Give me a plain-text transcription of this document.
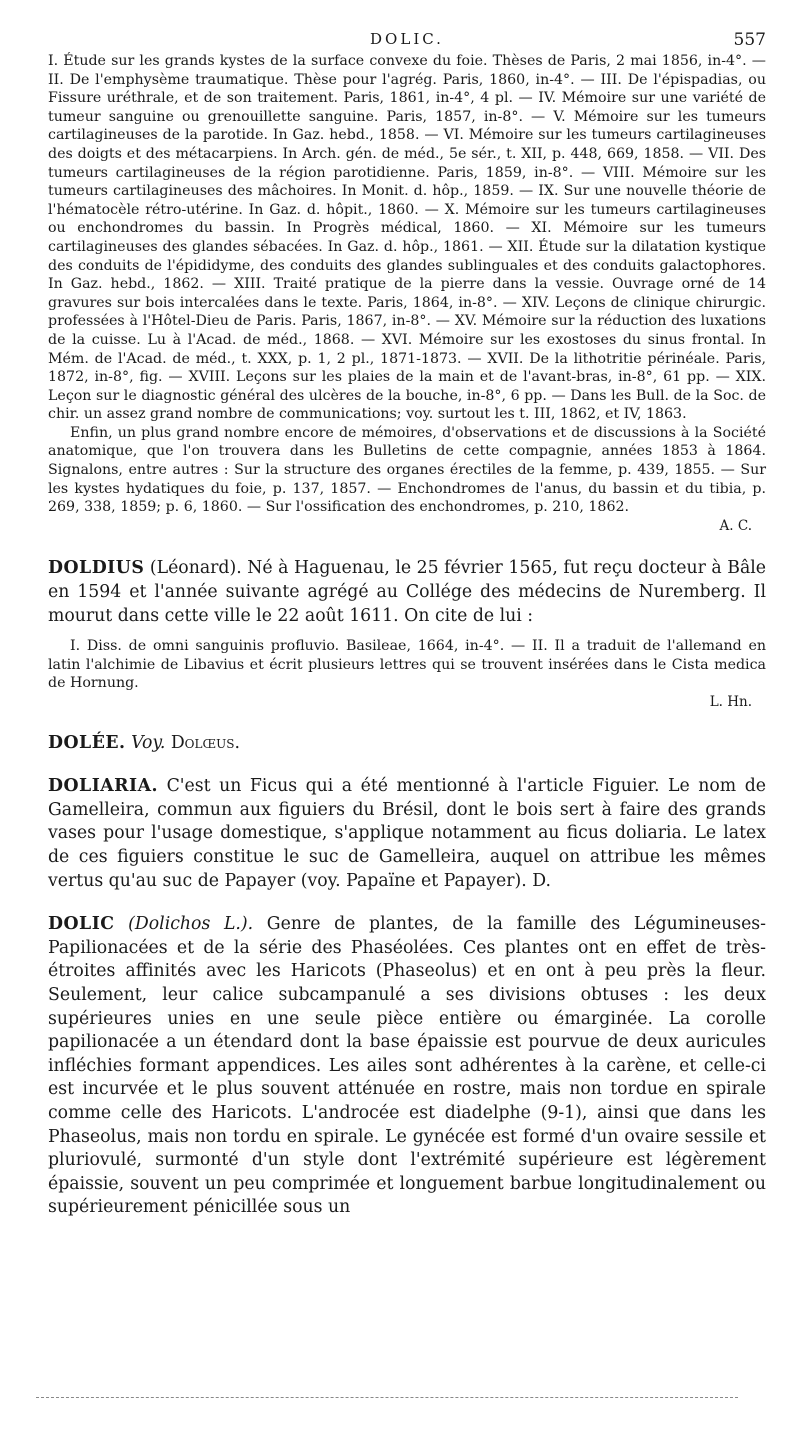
DOLIC.	557

I. Étude sur les grands kystes de la surface convexe du foie. Thèses de Paris, 2 mai 1856, in-4°. — II. De l'emphysème traumatique. Thèse pour l'agrég. Paris, 1860, in-4°. — III. De l'épispadias, ou Fissure uréthrale, et de son traitement. Paris, 1861, in-4°, 4 pl. — IV. Mémoire sur une variété de tumeur sanguine ou grenouillette sanguine. Paris, 1857, in-8°. — V. Mémoire sur les tumeurs cartilagineuses de la parotide. In Gaz. hebd., 1858. — VI. Mémoire sur les tumeurs cartilagineuses des doigts et des métacarpiens. In Arch. gén. de méd., 5e sér., t. XII, p. 448, 669, 1858. — VII. Des tumeurs cartilagineuses de la région parotidienne. Paris, 1859, in-8°. — VIII. Mémoire sur les tumeurs cartilagineuses des mâchoires. In Monit. d. hôp., 1859. — IX. Sur une nouvelle théorie de l'hématocèle rétro-utérine. In Gaz. d. hôpit., 1860. — X. Mémoire sur les tumeurs cartilagineuses ou enchondromes du bassin. In Progrès médical, 1860. — XI. Mémoire sur les tumeurs cartilagineuses des glandes sébacées. In Gaz. d. hôp., 1861. — XII. Étude sur la dilatation kystique des conduits de l'épididyme, des conduits des glandes sublinguales et des conduits galactophores. In Gaz. hebd., 1862. — XIII. Traité pratique de la pierre dans la vessie. Ouvrage orné de 14 gravures sur bois intercalées dans le texte. Paris, 1864, in-8°. — XIV. Leçons de clinique chirurgic. professées à l'Hôtel-Dieu de Paris. Paris, 1867, in-8°. — XV. Mémoire sur la réduction des luxations de la cuisse. Lu à l'Acad. de méd., 1868. — XVI. Mémoire sur les exostoses du sinus frontal. In Mém. de l'Acad. de méd., t. XXX, p. 1, 2 pl., 1871-1873. — XVII. De la lithotritie périnéale. Paris, 1872, in-8°, fig. — XVIII. Leçons sur les plaies de la main et de l'avant-bras, in-8°, 61 pp. — XIX. Leçon sur le diagnostic général des ulcères de la bouche, in-8°, 6 pp. — Dans les Bull. de la Soc. de chir. un assez grand nombre de communications; voy. surtout les t. III, 1862, et IV, 1863.

Enfin, un plus grand nombre encore de mémoires, d'observations et de discussions à la Société anatomique, que l'on trouvera dans les Bulletins de cette compagnie, années 1853 à 1864. Signalons, entre autres : Sur la structure des organes érectiles de la femme, p. 439, 1855. — Sur les kystes hydatiques du foie, p. 137, 1857. — Enchondromes de l'anus, du bassin et du tibia, p. 269, 338, 1859; p. 6, 1860. — Sur l'ossification des enchondromes, p. 210, 1862.

A. C.

DOLDIUS (Léonard). Né à Haguenau, le 25 février 1565, fut reçu docteur à Bâle en 1594 et l'année suivante agrégé au Collége des médecins de Nuremberg. Il mourut dans cette ville le 22 août 1611. On cite de lui :

I. Diss. de omni sanguinis profluvio. Basileae, 1664, in-4°. — II. Il a traduit de l'allemand en latin l'alchimie de Libavius et écrit plusieurs lettres qui se trouvent insérées dans le Cista medica de Hornung.

L. Hn.

DOLÉE. Voy. Dolœus.

DOLIARIA. C'est un Ficus qui a été mentionné à l'article Figuier. Le nom de Gamelleira, commun aux figuiers du Brésil, dont le bois sert à faire des grands vases pour l'usage domestique, s'applique notamment au ficus doliaria. Le latex de ces figuiers constitue le suc de Gamelleira, auquel on attribue les mêmes vertus qu'au suc de Papayer (voy. Papaïne et Papayer). D.

DOLIC (Dolichos L.). Genre de plantes, de la famille des Légumineuses-Papilionacées et de la série des Phaséolées. Ces plantes ont en effet de très-étroites affinités avec les Haricots (Phaseolus) et en ont à peu près la fleur. Seulement, leur calice subcampanulé a ses divisions obtuses : les deux supérieures unies en une seule pièce entière ou émarginée. La corolle papilionacée a un étendard dont la base épaissie est pourvue de deux auricules infléchies formant appendices. Les ailes sont adhérentes à la carène, et celle-ci est incurvée et le plus souvent atténuée en rostre, mais non tordue en spirale comme celle des Haricots. L'androcée est diadelphe (9-1), ainsi que dans les Phaseolus, mais non tordu en spirale. Le gynécée est formé d'un ovaire sessile et pluriovulé, surmonté d'un style dont l'extrémité supérieure est légèrement épaissie, souvent un peu comprimée et longuement barbue longitudinalement ou supérieurement pénicillée sous un
